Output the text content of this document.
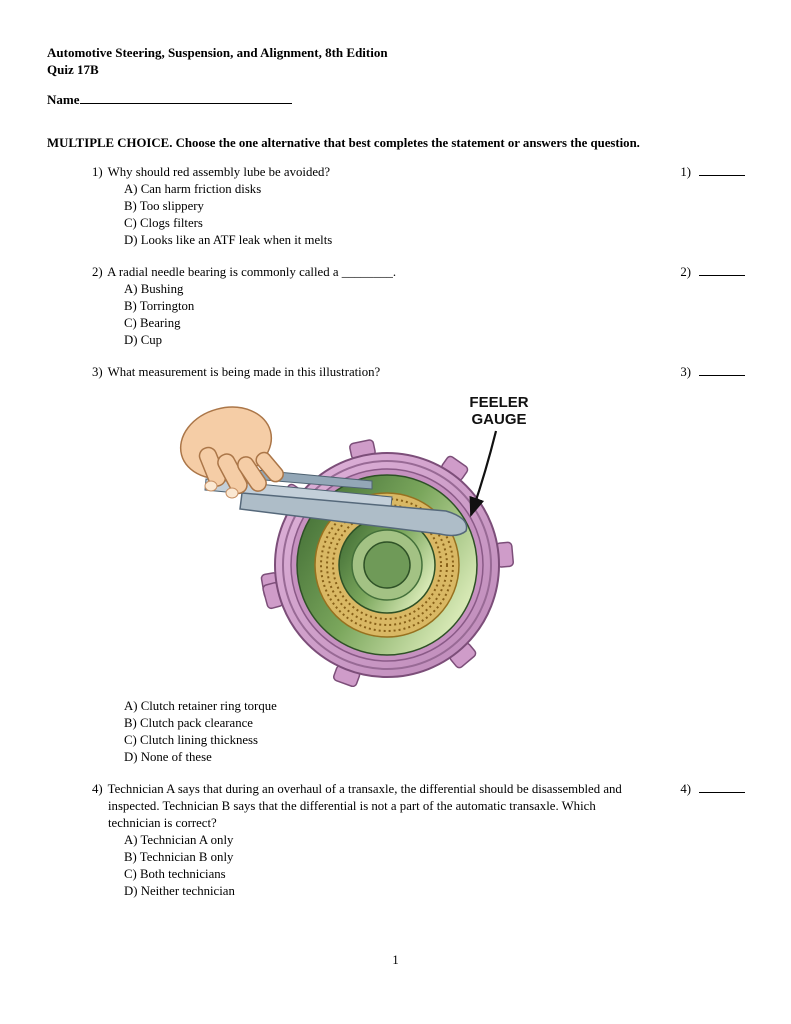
Automotive Steering, Suspension, and Alignment, 8th Edition
Quiz 17B
Name
MULTIPLE CHOICE. Choose the one alternative that best completes the statement or answers the question.
1) Why should red assembly lube be avoided?	1)
A) Can harm friction disks
B) Too slippery
C) Clogs filters
D) Looks like an ATF leak when it melts
2) A radial needle bearing is commonly called a ________.	2)
A) Bushing
B) Torrington
C) Bearing
D) Cup
3) What measurement is being made in this illustration?	3)
FEELER
GAUGE
A) Clutch retainer ring torque
B) Clutch pack clearance
C) Clutch lining thickness
D) None of these
4) Technician A says that during an overhaul of a transaxle, the differential should be disassembled and inspected. Technician B says that the differential is not a part of the automatic transaxle. Which technician is correct?
4)
A) Technician A only
B) Technician B only
C) Both technicians
D) Neither technician
1
